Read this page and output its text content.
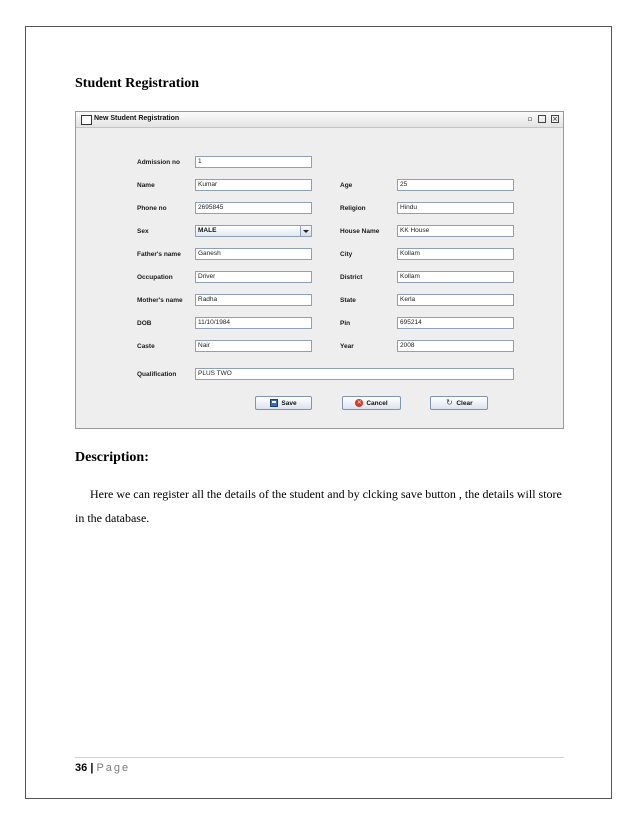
Student Registration
New Student Registration	▫	×
Admission no	1
Name	Kumar	Age	25
Phone no	2695845	Religion	Hindu
Sex	MALE	House Name	KK House
Father's name	Ganesh	City	Kollam
Occupation	Driver	District	Kollam
Mother's name	Radha	State	Kerla
DOB	11/10/1984	Pin	695214
Caste	Nair	Year	2008
Qualification	PLUS TWO
Save	× Cancel	↻ Clear
Description:

Here we can register all the details of the student and by clcking save button , the details will store in the database.

36 | Page
